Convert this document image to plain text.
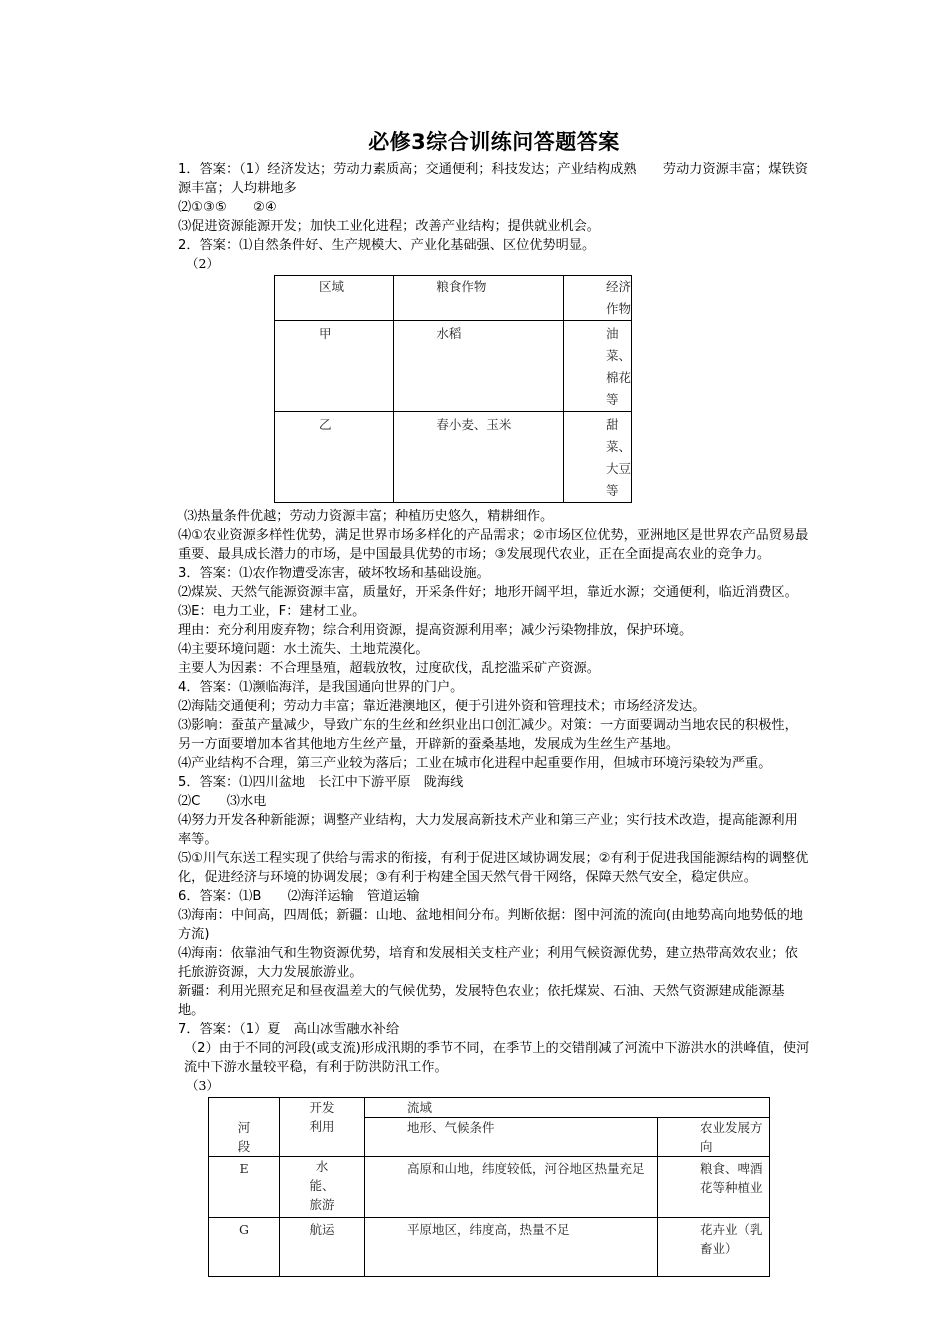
必修3综合训练问答题答案
1．答案：（1）经济发达；劳动力素质高；交通便利；科技发达；产业结构成熟　　劳动力资源丰富；煤铁资源丰富；人均耕地多
⑵①③⑤　　②④
⑶促进资源能源开发；加快工业化进程；改善产业结构；提供就业机会。
2．答案：⑴自然条件好、生产规模大、产业化基础强、区位优势明显。
（2）
区域	粮食作物	经济作物
甲	水稻	油菜、棉花等
乙	春小麦、玉米	甜菜、大豆等
⑶热量条件优越；劳动力资源丰富；种植历史悠久，精耕细作。
⑷①农业资源多样性优势，满足世界市场多样化的产品需求；②市场区位优势，亚洲地区是世界农产品贸易最重要、最具成长潜力的市场，是中国最具优势的市场；③发展现代农业，正在全面提高农业的竞争力。
3．答案：⑴农作物遭受冻害，破坏牧场和基础设施。
⑵煤炭、天然气能源资源丰富，质量好，开采条件好；地形开阔平坦，靠近水源；交通便利，临近消费区。
⑶E：电力工业，F：建材工业。
理由：充分利用废弃物；综合利用资源，提高资源利用率；减少污染物排放，保护环境。
⑷主要环境问题：水土流失、土地荒漠化。
主要人为因素：不合理垦殖，超载放牧，过度砍伐，乱挖滥采矿产资源。
4．答案：⑴濒临海洋，是我国通向世界的门户。
⑵海陆交通便利；劳动力丰富；靠近港澳地区，便于引进外资和管理技术；市场经济发达。
⑶影响：蚕茧产量减少，导致广东的生丝和丝织业出口创汇减少。对策：一方面要调动当地农民的积极性，另一方面要增加本省其他地方生丝产量，开辟新的蚕桑基地，发展成为生丝生产基地。
⑷产业结构不合理，第三产业较为落后；工业在城市化进程中起重要作用，但城市环境污染较为严重。
5．答案：⑴四川盆地　长江中下游平原　陇海线
⑵C　　⑶水电
⑷努力开发各种新能源；调整产业结构，大力发展高新技术产业和第三产业；实行技术改造，提高能源利用率等。
⑸①川气东送工程实现了供给与需求的衔接，有利于促进区域协调发展；②有利于促进我国能源结构的调整优化，促进经济与环境的协调发展；③有利于构建全国天然气骨干网络，保障天然气安全，稳定供应。
6．答案：⑴B　　⑵海洋运输　管道运输
⑶海南：中间高，四周低；新疆：山地、盆地相间分布。判断依据：图中河流的流向(由地势高向地势低的地方流)
⑷海南：依靠油气和生物资源优势，培育和发展相关支柱产业；利用气候资源优势，建立热带高效农业；依托旅游资源，大力发展旅游业。
新疆：利用光照充足和昼夜温差大的气候优势，发展特色农业；依托煤炭、石油、天然气资源建成能源基地。
7．答案：（1）夏　高山冰雪融水补给
（2）由于不同的河段(或支流)形成汛期的季节不同，在季节上的交错削减了河流中下游洪水的洪峰值，使河流中下游水量较平稳，有利于防洪防汛工作。
（3）
河段	开发利用	流域	
		地形、气候条件	农业发展方向
E	水能、旅游	高原和山地，纬度较低，河谷地区热量充足	粮食、啤酒花等种植业
G	航运	平原地区，纬度高，热量不足	花卉业（乳畜业）
